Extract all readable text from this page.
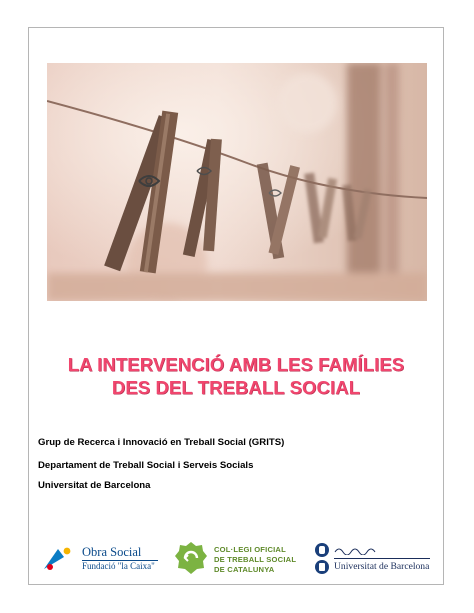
LA INTERVENCIÓ AMB LES FAMÍLIES
DES DEL TREBALL SOCIAL
Grup de Recerca i Innovació en Treball Social (GRITS)
Departament de Treball Social i Serveis Socials
Universitat de Barcelona
Obra Social
Fundació "la Caixa"
COL·LEGI OFICIAL
DE TREBALL SOCIAL
DE CATALUNYA	Universitat de Barcelona
